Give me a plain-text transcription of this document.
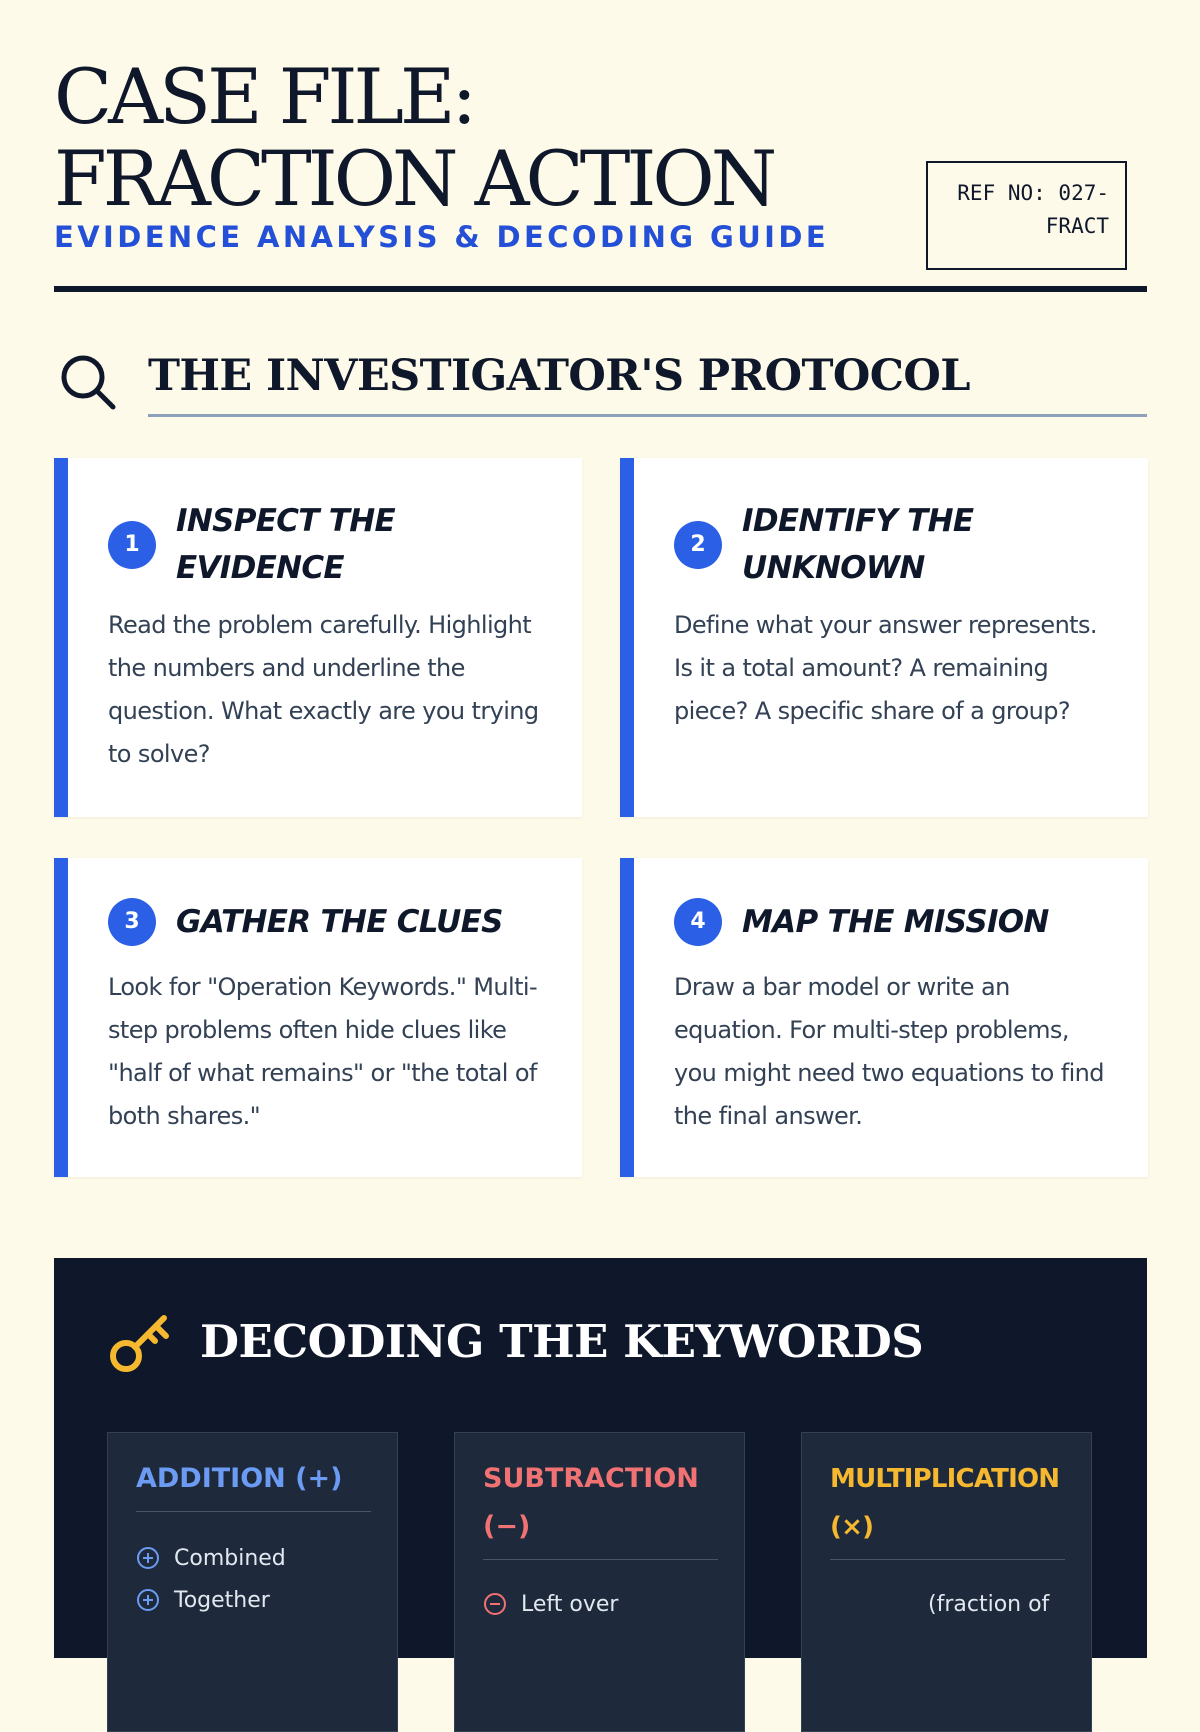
CASE FILE: FRACTION ACTION

EVIDENCE ANALYSIS & DECODING GUIDE

REF NO: 027-FRACT
THE INVESTIGATOR'S PROTOCOL
1
INSPECT THE EVIDENCE

Read the problem carefully. Highlight the numbers and underline the question. What exactly are you trying to solve?

2
IDENTIFY THE UNKNOWN

Define what your answer represents. Is it a total amount? A remaining piece? A specific share of a group?

3	GATHER THE CLUES

Look for "Operation Keywords." Multi-step problems often hide clues like "half of what remains" or "the total of both shares."

4	MAP THE MISSION

Draw a bar model or write an equation. For multi-step problems, you might need two equations to find the final answer.

DECODING THE KEYWORDS
ADDITION (+)
Combined
Together
SUBTRACTION (−)
Left over
MULTIPLICATION (×)
(fraction of
